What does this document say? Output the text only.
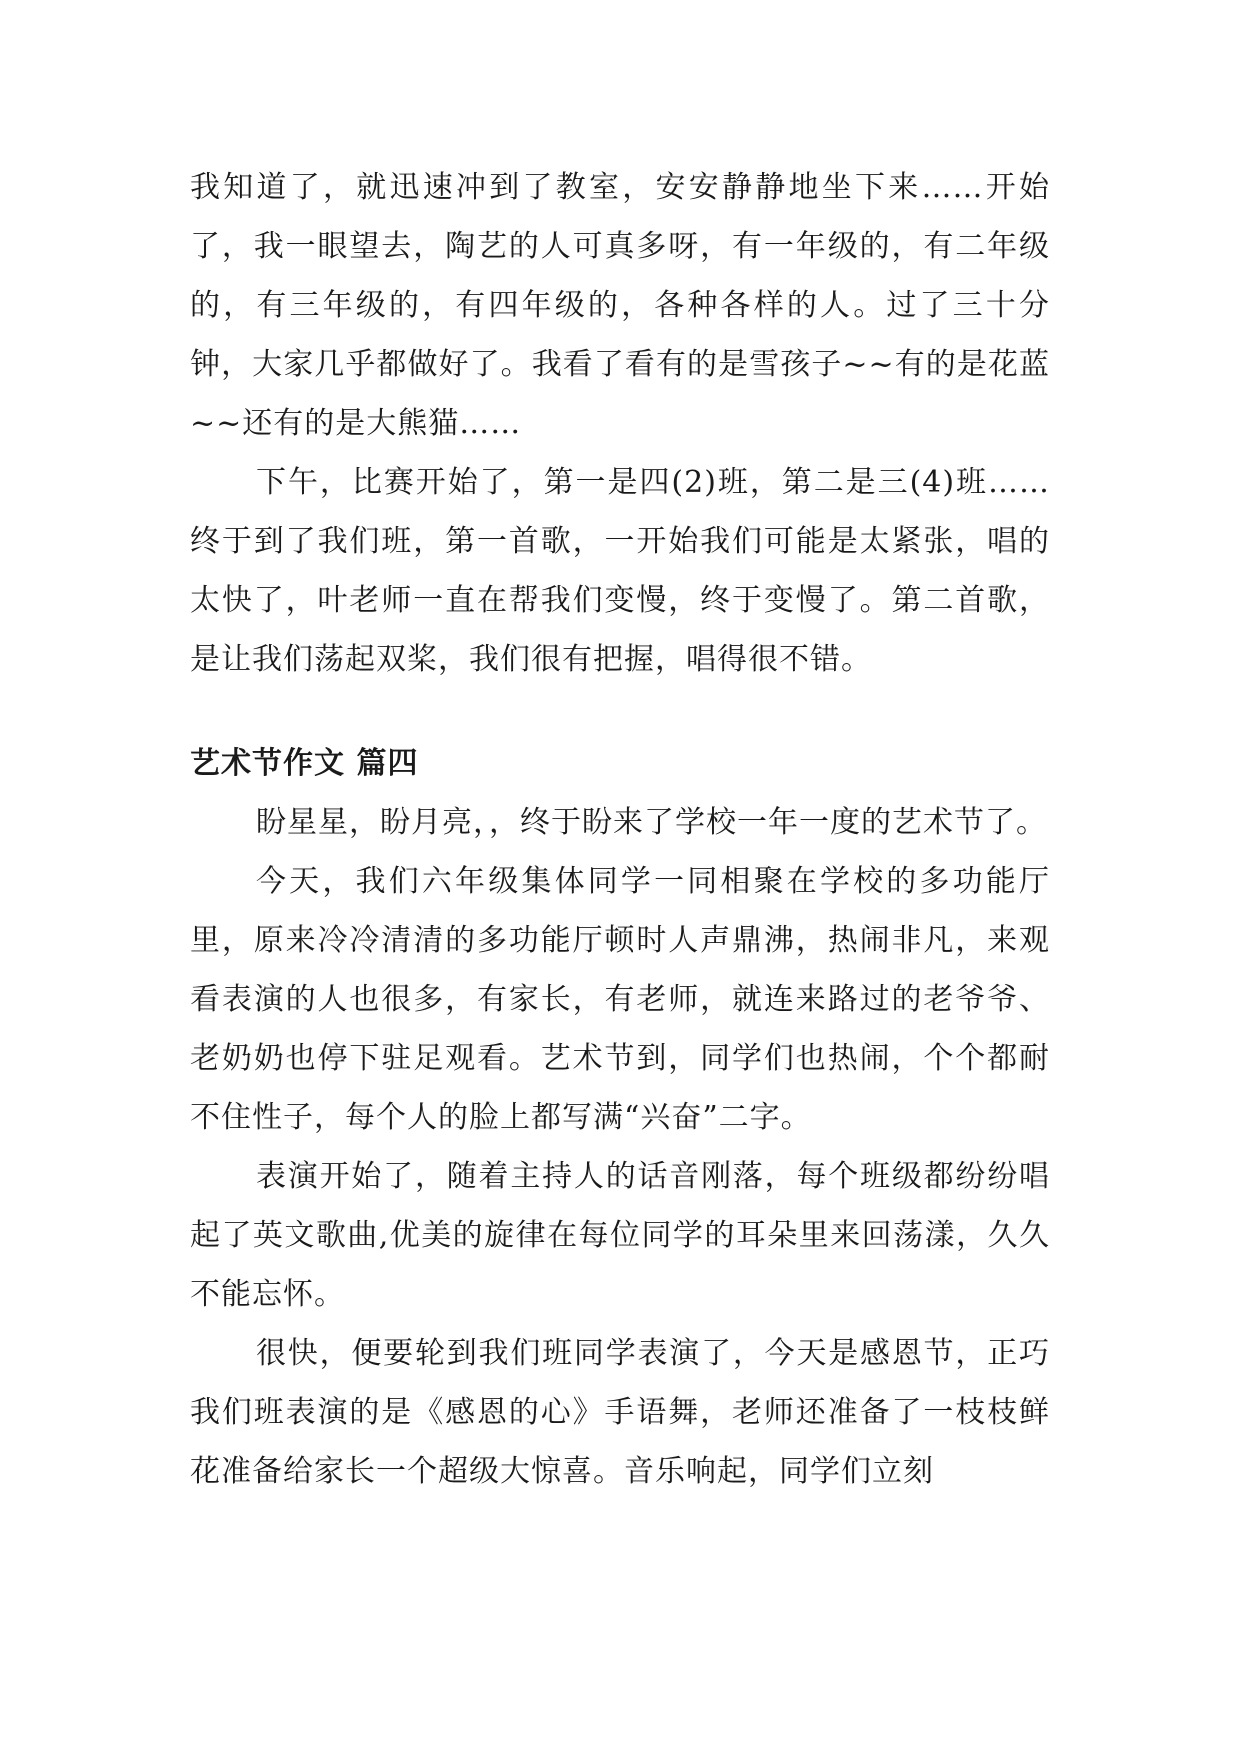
我知道了，就迅速冲到了教室，安安静静地坐下来……开始了，我一眼望去，陶艺的人可真多呀，有一年级的，有二年级的，有三年级的，有四年级的，各种各样的人。过了三十分钟，大家几乎都做好了。我看了看有的是雪孩子~~有的是花蓝~~还有的是大熊猫……

下午，比赛开始了，第一是四(2)班，第二是三(4)班……终于到了我们班，第一首歌，一开始我们可能是太紧张，唱的太快了，叶老师一直在帮我们变慢，终于变慢了。第二首歌，是让我们荡起双桨，我们很有把握，唱得很不错。

艺术节作文 篇四

盼星星，盼月亮，，终于盼来了学校一年一度的艺术节了。

今天，我们六年级集体同学一同相聚在学校的多功能厅里，原来冷冷清清的多功能厅顿时人声鼎沸，热闹非凡，来观看表演的人也很多，有家长，有老师，就连来路过的老爷爷、老奶奶也停下驻足观看。艺术节到，同学们也热闹，个个都耐不住性子，每个人的脸上都写满“兴奋”二字。

表演开始了，随着主持人的话音刚落，每个班级都纷纷唱起了英文歌曲,优美的旋律在每位同学的耳朵里来回荡漾，久久不能忘怀。

很快，便要轮到我们班同学表演了，今天是感恩节，正巧我们班表演的是《感恩的心》手语舞，老师还准备了一枝枝鲜花准备给家长一个超级大惊喜。音乐响起，同学们立刻
